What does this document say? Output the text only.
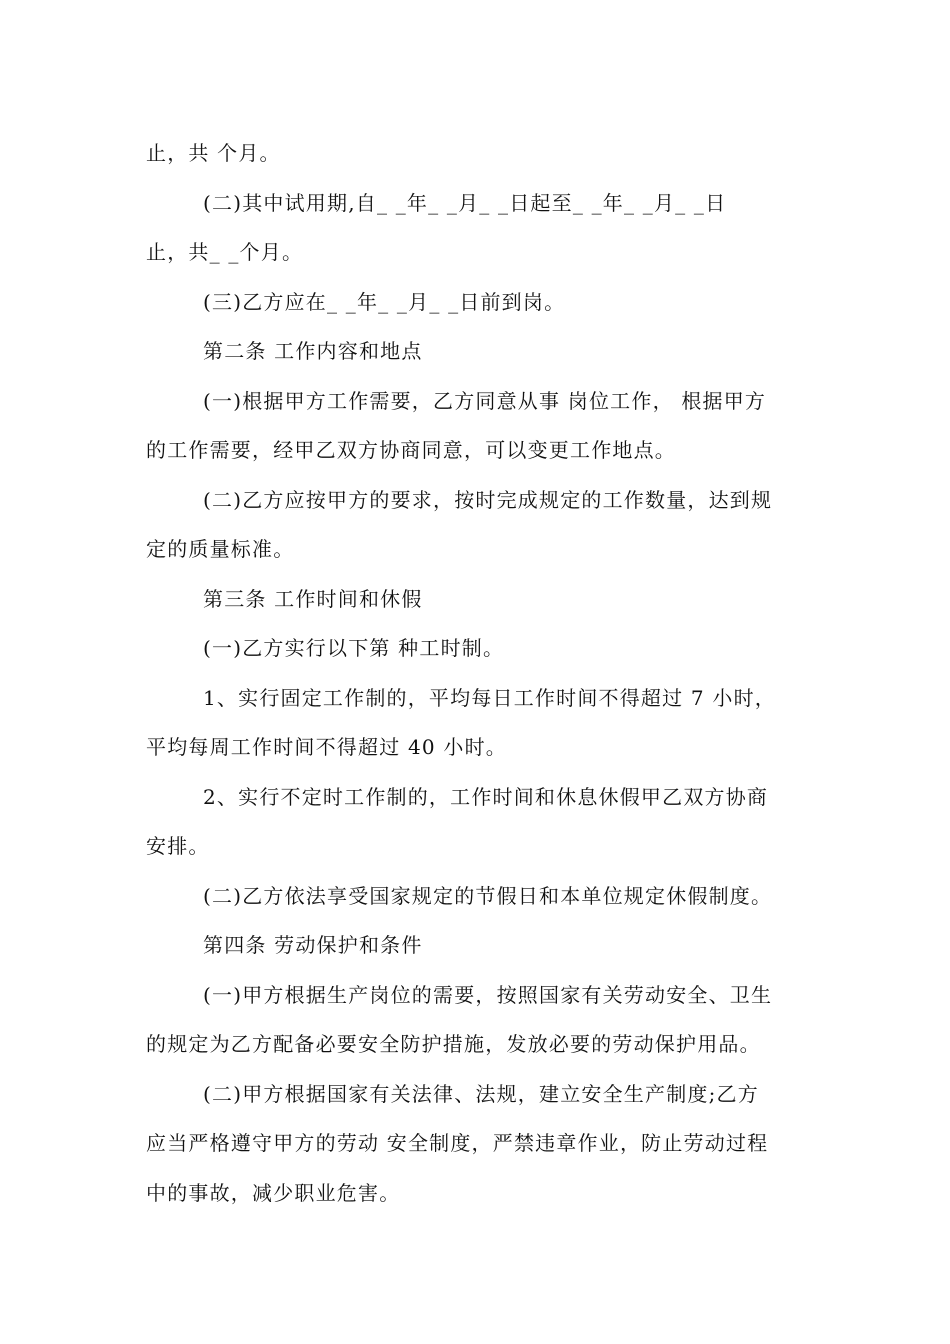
止，共 个月。
(二)其中试用期,自_ _年_ _月_ _日起至_ _年_ _月_ _日
止，共_ _个月。
(三)乙方应在_ _年_ _月_ _日前到岗。
第二条 工作内容和地点
(一)根据甲方工作需要，乙方同意从事 岗位工作， 根据甲方
的工作需要，经甲乙双方协商同意，可以变更工作地点。
(二)乙方应按甲方的要求，按时完成规定的工作数量，达到规
定的质量标准。
第三条 工作时间和休假
(一)乙方实行以下第 种工时制。
1、实行固定工作制的，平均每日工作时间不得超过 7 小时，
平均每周工作时间不得超过 40 小时。
2、实行不定时工作制的，工作时间和休息休假甲乙双方协商
安排。
(二)乙方依法享受国家规定的节假日和本单位规定休假制度。
第四条 劳动保护和条件
(一)甲方根据生产岗位的需要，按照国家有关劳动安全、卫生
的规定为乙方配备必要安全防护措施，发放必要的劳动保护用品。
(二)甲方根据国家有关法律、法规，建立安全生产制度;乙方
应当严格遵守甲方的劳动 安全制度，严禁违章作业，防止劳动过程
中的事故，减少职业危害。
